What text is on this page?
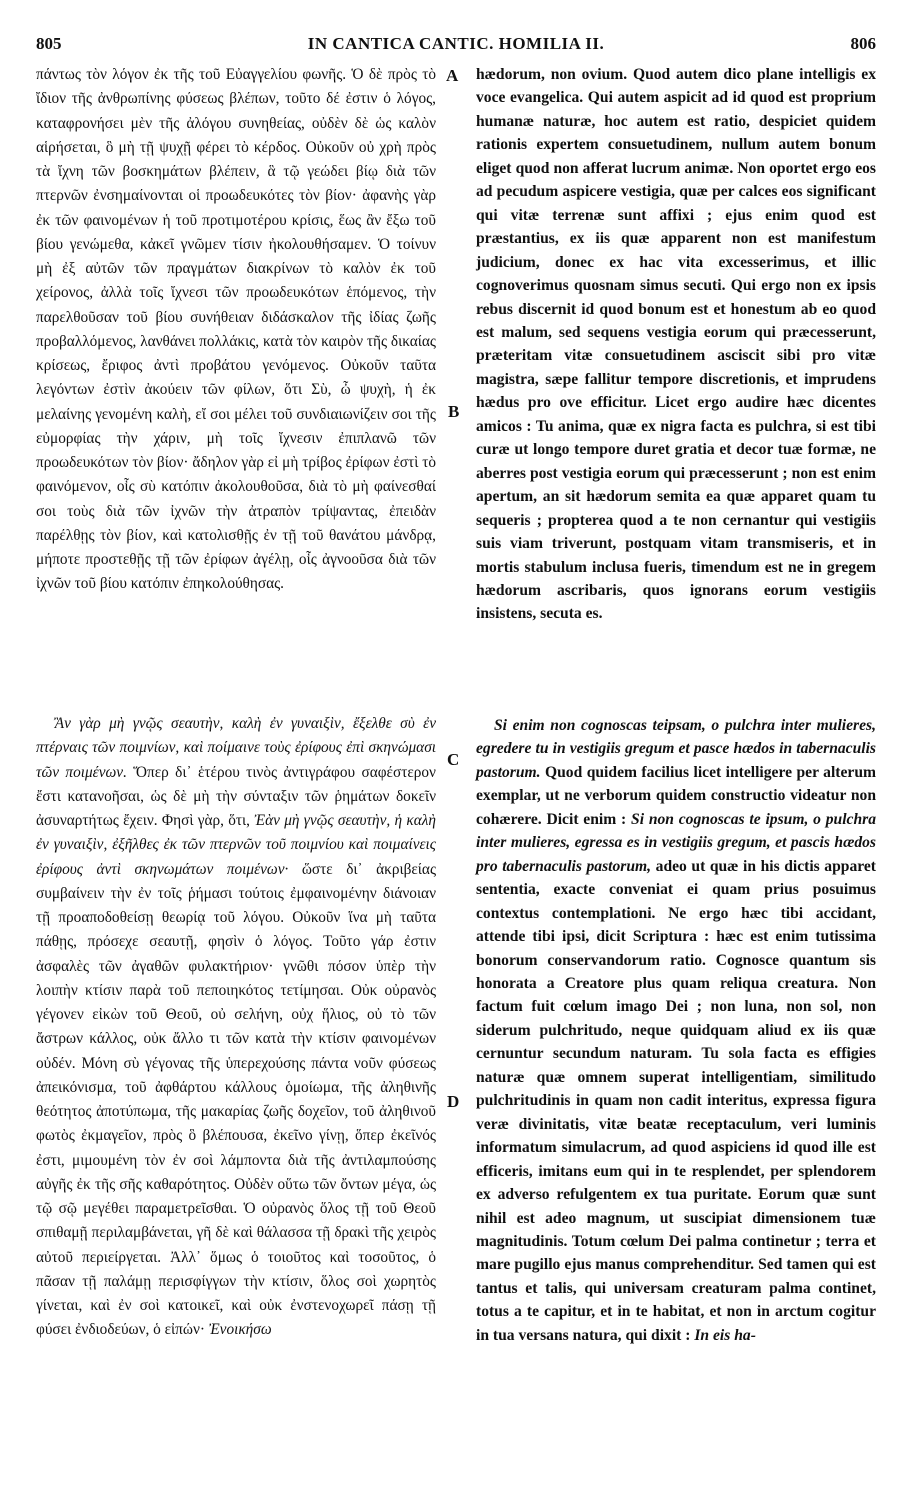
805	IN CANTICA CANTIC. HOMILIA II.	806
A
B
C
D

πάντως τὸν λόγον ἐκ τῆς τοῦ Εὐαγγελίου φωνῆς. Ὁ δὲ πρὸς τὸ ἴδιον τῆς ἀνθρωπίνης φύσεως βλέπων, τοῦτο δέ ἐστιν ὁ λόγος, καταφρονήσει μὲν τῆς ἀλόγου συνηθείας, οὐδὲν δὲ ὡς καλὸν αἱρήσεται, ὃ μὴ τῇ ψυχῇ φέρει τὸ κέρδος. Οὐκοῦν οὐ χρὴ πρὸς τὰ ἴχνη τῶν βοσκημάτων βλέπειν, ἃ τῷ γεώδει βίῳ διὰ τῶν πτερνῶν ἐνσημαίνονται οἱ προωδευκότες τὸν βίον· ἀφανὴς γὰρ ἐκ τῶν φαινομένων ἡ τοῦ προτιμοτέρου κρίσις, ἕως ἂν ἔξω τοῦ βίου γενώμεθα, κἀκεῖ γνῶμεν τίσιν ἠκολουθήσαμεν. Ὁ τοίνυν μὴ ἐξ αὐτῶν τῶν πραγμάτων διακρίνων τὸ καλὸν ἐκ τοῦ χείρονος, ἀλλὰ τοῖς ἴχνεσι τῶν προωδευκότων ἑπόμενος, τὴν παρελθοῦσαν τοῦ βίου συνήθειαν διδάσκαλον τῆς ἰδίας ζωῆς προβαλλόμενος, λανθάνει πολλάκις, κατὰ τὸν καιρὸν τῆς δικαίας κρίσεως, ἔριφος ἀντὶ προβάτου γενόμενος. Οὐκοῦν ταῦτα λεγόντων ἐστὶν ἀκούειν τῶν φίλων, ὅτι Σὺ, ὦ ψυχὴ, ἡ ἐκ μελαίνης γενομένη καλὴ, εἴ σοι μέλει τοῦ συνδιαιωνίζειν σοι τῆς εὐμορφίας τὴν χάριν, μὴ τοῖς ἴχνεσιν ἐπιπλανῶ τῶν προωδευκότων τὸν βίον· ἄδηλον γὰρ εἰ μὴ τρίβος ἐρίφων ἐστὶ τὸ φαινόμενον, οἷς σὺ κατόπιν ἀκολουθοῦσα, διὰ τὸ μὴ φαίνεσθαί σοι τοὺς διὰ τῶν ἰχνῶν τὴν ἀτραπὸν τρίψαντας, ἐπειδὰν παρέλθῃς τὸν βίον, καὶ κατολισθῇς ἐν τῇ τοῦ θανάτου μάνδρᾳ, μήποτε προστεθῇς τῇ τῶν ἐρίφων ἀγέλῃ, οἷς ἀγνοοῦσα διὰ τῶν ἰχνῶν τοῦ βίου κατόπιν ἐπηκολούθησας.

Ἂν γὰρ μὴ γνῷς σεαυτὴν, καλὴ ἐν γυναιξὶν, ἔξελθε σὺ ἐν πτέρναις τῶν ποιμνίων, καὶ ποίμαινε τοὺς ἐρίφους ἐπὶ σκηνώμασι τῶν ποιμένων. Ὅπερ δι᾽ ἑτέρου τινὸς ἀντιγράφου σαφέστερον ἔστι κατανοῆσαι, ὡς δὲ μὴ τὴν σύνταξιν τῶν ῥημάτων δοκεῖν ἀσυναρτήτως ἔχειν. Φησὶ γὰρ, ὅτι, Ἐὰν μὴ γνῷς σεαυτὴν, ἡ καλὴ ἐν γυναιξὶν, ἐξῆλθες ἐκ τῶν πτερνῶν τοῦ ποιμνίου καὶ ποιμαίνεις ἐρίφους ἀντὶ σκηνωμάτων ποιμένων· ὥστε δι᾽ ἀκριβείας συμβαίνειν τὴν ἐν τοῖς ῥήμασι τούτοις ἐμφαινομένην διάνοιαν τῇ προαποδοθείσῃ θεωρίᾳ τοῦ λόγου. Οὐκοῦν ἵνα μὴ ταῦτα πάθῃς, πρόσεχε σεαυτῇ, φησὶν ὁ λόγος. Τοῦτο γάρ ἐστιν ἀσφαλὲς τῶν ἀγαθῶν φυλακτήριον· γνῶθι πόσον ὑπὲρ τὴν λοιπὴν κτίσιν παρὰ τοῦ πεποιηκότος τετίμησαι. Οὐκ οὐρανὸς γέγονεν εἰκὼν τοῦ Θεοῦ, οὐ σελήνη, οὐχ ἥλιος, οὐ τὸ τῶν ἄστρων κάλλος, οὐκ ἄλλο τι τῶν κατὰ τὴν κτίσιν φαινομένων οὐδέν. Μόνη σὺ γέγονας τῆς ὑπερεχούσης πάντα νοῦν φύσεως ἀπεικόνισμα, τοῦ ἀφθάρτου κάλλους ὁμοίωμα, τῆς ἀληθινῆς θεότητος ἀποτύπωμα, τῆς μακαρίας ζωῆς δοχεῖον, τοῦ ἀληθινοῦ φωτὸς ἐκμαγεῖον, πρὸς ὃ βλέπουσα, ἐκεῖνο γίνῃ, ὅπερ ἐκεῖνός ἐστι, μιμουμένη τὸν ἐν σοὶ λάμποντα διὰ τῆς ἀντιλαμπούσης αὐγῆς ἐκ τῆς σῆς καθαρότητος. Οὐδὲν οὕτω τῶν ὄντων μέγα, ὡς τῷ σῷ μεγέθει παραμετρεῖσθαι. Ὁ οὐρανὸς ὅλος τῇ τοῦ Θεοῦ σπιθαμῇ περιλαμβάνεται, γῆ δὲ καὶ θάλασσα τῇ δρακὶ τῆς χειρὸς αὐτοῦ περιείργεται. Ἀλλ᾽ ὅμως ὁ τοιοῦτος καὶ τοσοῦτος, ὁ πᾶσαν τῇ παλάμῃ περισφίγγων τὴν κτίσιν, ὅλος σοὶ χωρητὸς γίνεται, καὶ ἐν σοὶ κατοικεῖ, καὶ οὐκ ἐνστενοχωρεῖ πάσῃ τῇ φύσει ἐνδιοδεύων, ὁ εἰπών· Ἐνοικήσω

hædorum, non ovium. Quod autem dico plane intelligis ex voce evangelica. Qui autem aspicit ad id quod est proprium humanæ naturæ, hoc autem est ratio, despiciet quidem rationis expertem consuetudinem, nullum autem bonum eliget quod non afferat lucrum animæ. Non oportet ergo eos ad pecudum aspicere vestigia, quæ per calces eos significant qui vitæ terrenæ sunt affixi ; ejus enim quod est præstantius, ex iis quæ apparent non est manifestum judicium, donec ex hac vita excesserimus, et illic cognoverimus quosnam simus secuti. Qui ergo non ex ipsis rebus discernit id quod bonum est et honestum ab eo quod est malum, sed sequens vestigia eorum qui præcesserunt, præteritam vitæ consuetudinem asciscit sibi pro vitæ magistra, sæpe fallitur tempore discretionis, et imprudens hædus pro ove efficitur. Licet ergo audire hæc dicentes amicos : Tu anima, quæ ex nigra facta es pulchra, si est tibi curæ ut longo tempore duret gratia et decor tuæ formæ, ne aberres post vestigia eorum qui præcesserunt ; non est enim apertum, an sit hædorum semita ea quæ apparet quam tu sequeris ; propterea quod a te non cernantur qui vestigiis suis viam triverunt, postquam vitam transmiseris, et in mortis stabulum inclusa fueris, timendum est ne in gregem hædorum ascribaris, quos ignorans eorum vestigiis insistens, secuta es.

Si enim non cognoscas teipsam, o pulchra inter mulieres, egredere tu in vestigiis gregum et pasce hædos in tabernaculis pastorum. Quod quidem facilius licet intelligere per alterum exemplar, ut ne verborum quidem constructio videatur non cohærere. Dicit enim : Si non cognoscas te ipsum, o pulchra inter mulieres, egressa es in vestigiis gregum, et pascis hædos pro tabernaculis pastorum, adeo ut quæ in his dictis apparet sententia, exacte conveniat ei quam prius posuimus contextus contemplationi. Ne ergo hæc tibi accidant, attende tibi ipsi, dicit Scriptura : hæc est enim tutissima bonorum conservandorum ratio. Cognosce quantum sis honorata a Creatore plus quam reliqua creatura. Non factum fuit cœlum imago Dei ; non luna, non sol, non siderum pulchritudo, neque quidquam aliud ex iis quæ cernuntur secundum naturam. Tu sola facta es effigies naturæ quæ omnem superat intelligentiam, similitudo pulchritudinis in quam non cadit interitus, expressa figura veræ divinitatis, vitæ beatæ receptaculum, veri luminis informatum simulacrum, ad quod aspiciens id quod ille est efficeris, imitans eum qui in te resplendet, per splendorem ex adverso refulgentem ex tua puritate. Eorum quæ sunt nihil est adeo magnum, ut suscipiat dimensionem tuæ magnitudinis. Totum cœlum Dei palma continetur ; terra et mare pugillo ejus manus comprehenditur. Sed tamen qui est tantus et talis, qui universam creaturam palma continet, totus a te capitur, et in te habitat, et non in arctum cogitur in tua versans natura, qui dixit : In eis ha-
